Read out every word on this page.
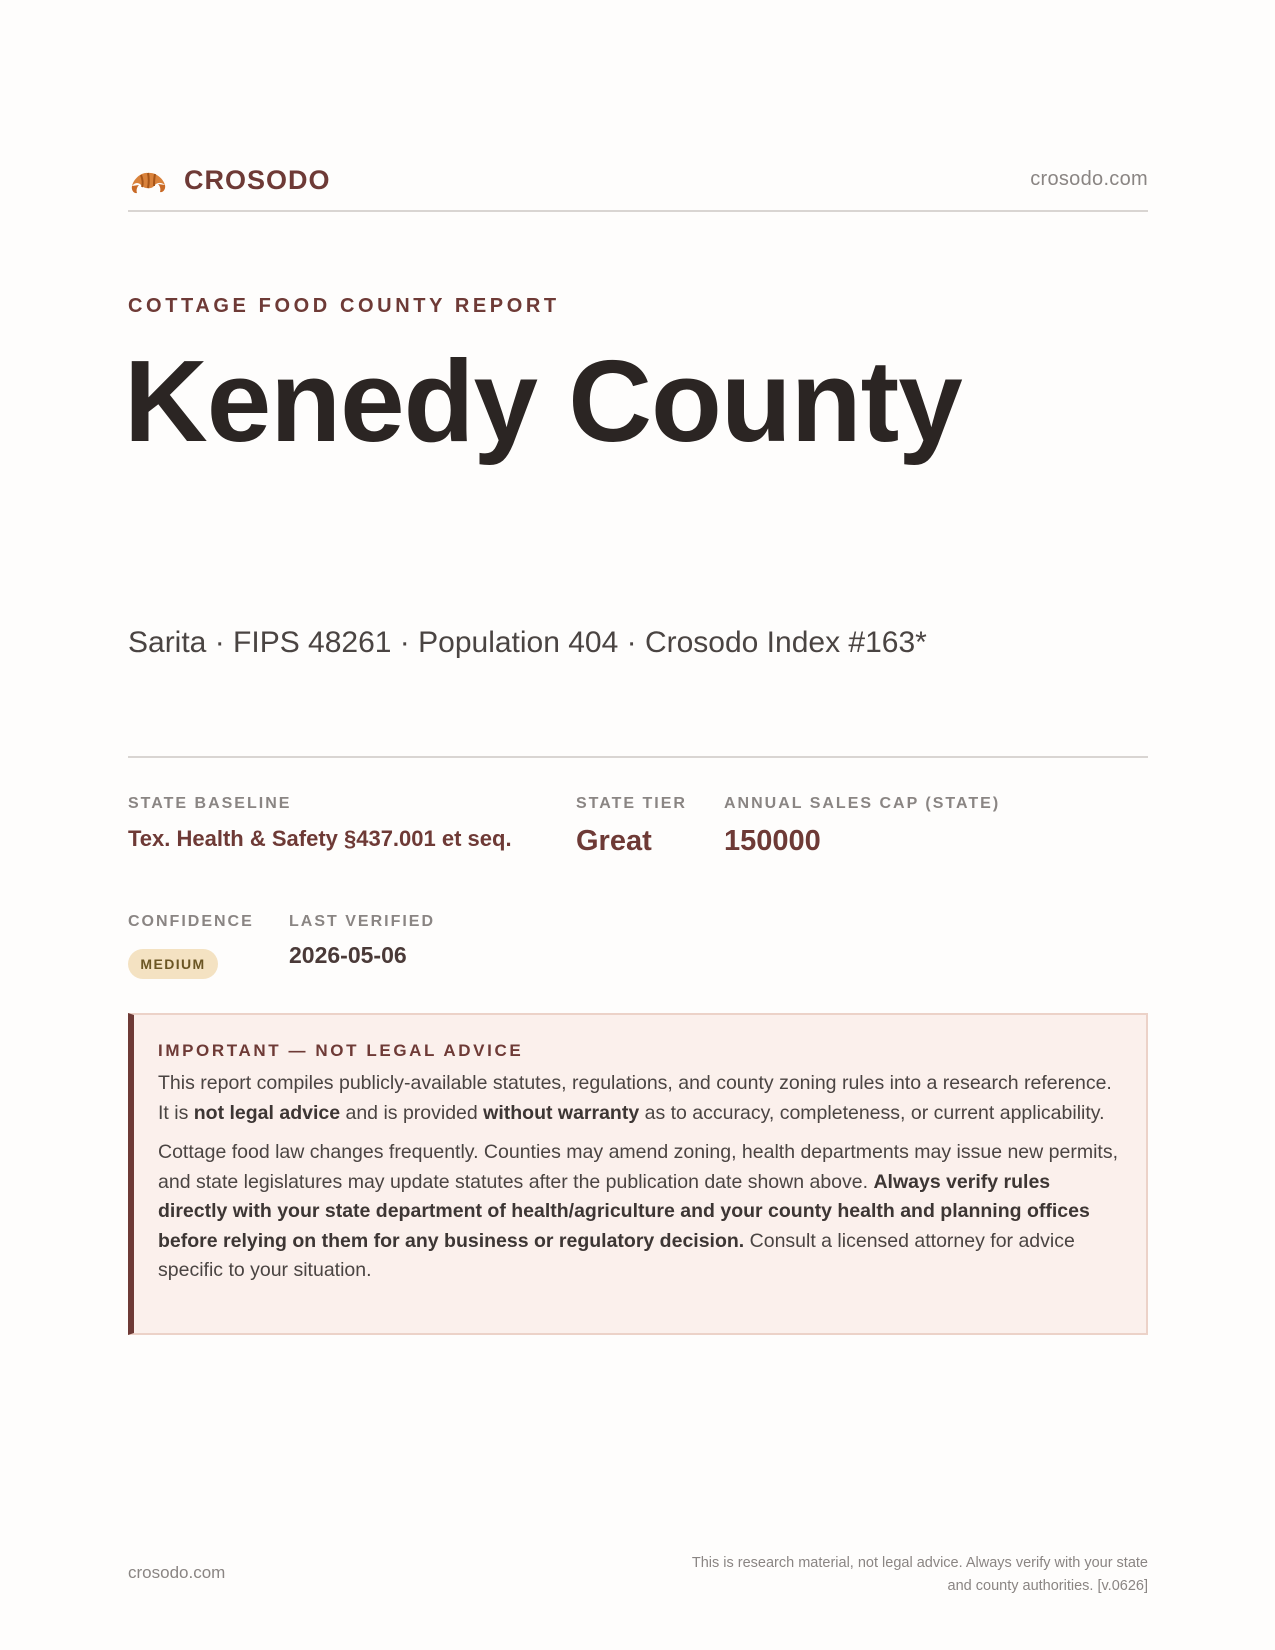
CROSODO	crosodo.com
COTTAGE FOOD COUNTY REPORT
Kenedy County
Sarita · FIPS 48261 · Population 404 · Crosodo Index #163*
STATE BASELINE
Tex. Health & Safety §437.001 et seq.
STATE TIER
Great
ANNUAL SALES CAP (STATE)
150000
CONFIDENCE
MEDIUM
LAST VERIFIED
2026-05-06
IMPORTANT — NOT LEGAL ADVICE

This report compiles publicly-available statutes, regulations, and county zoning rules into a research reference. It is not legal advice and is provided without warranty as to accuracy, completeness, or current applicability.

Cottage food law changes frequently. Counties may amend zoning, health departments may issue new permits, and state legislatures may update statutes after the publication date shown above. Always verify rules directly with your state department of health/agriculture and your county health and planning offices before relying on them for any business or regulatory decision. Consult a licensed attorney for advice specific to your situation.

crosodo.com	This is research material, not legal advice. Always verify with your state
and county authorities. [v.0626]
